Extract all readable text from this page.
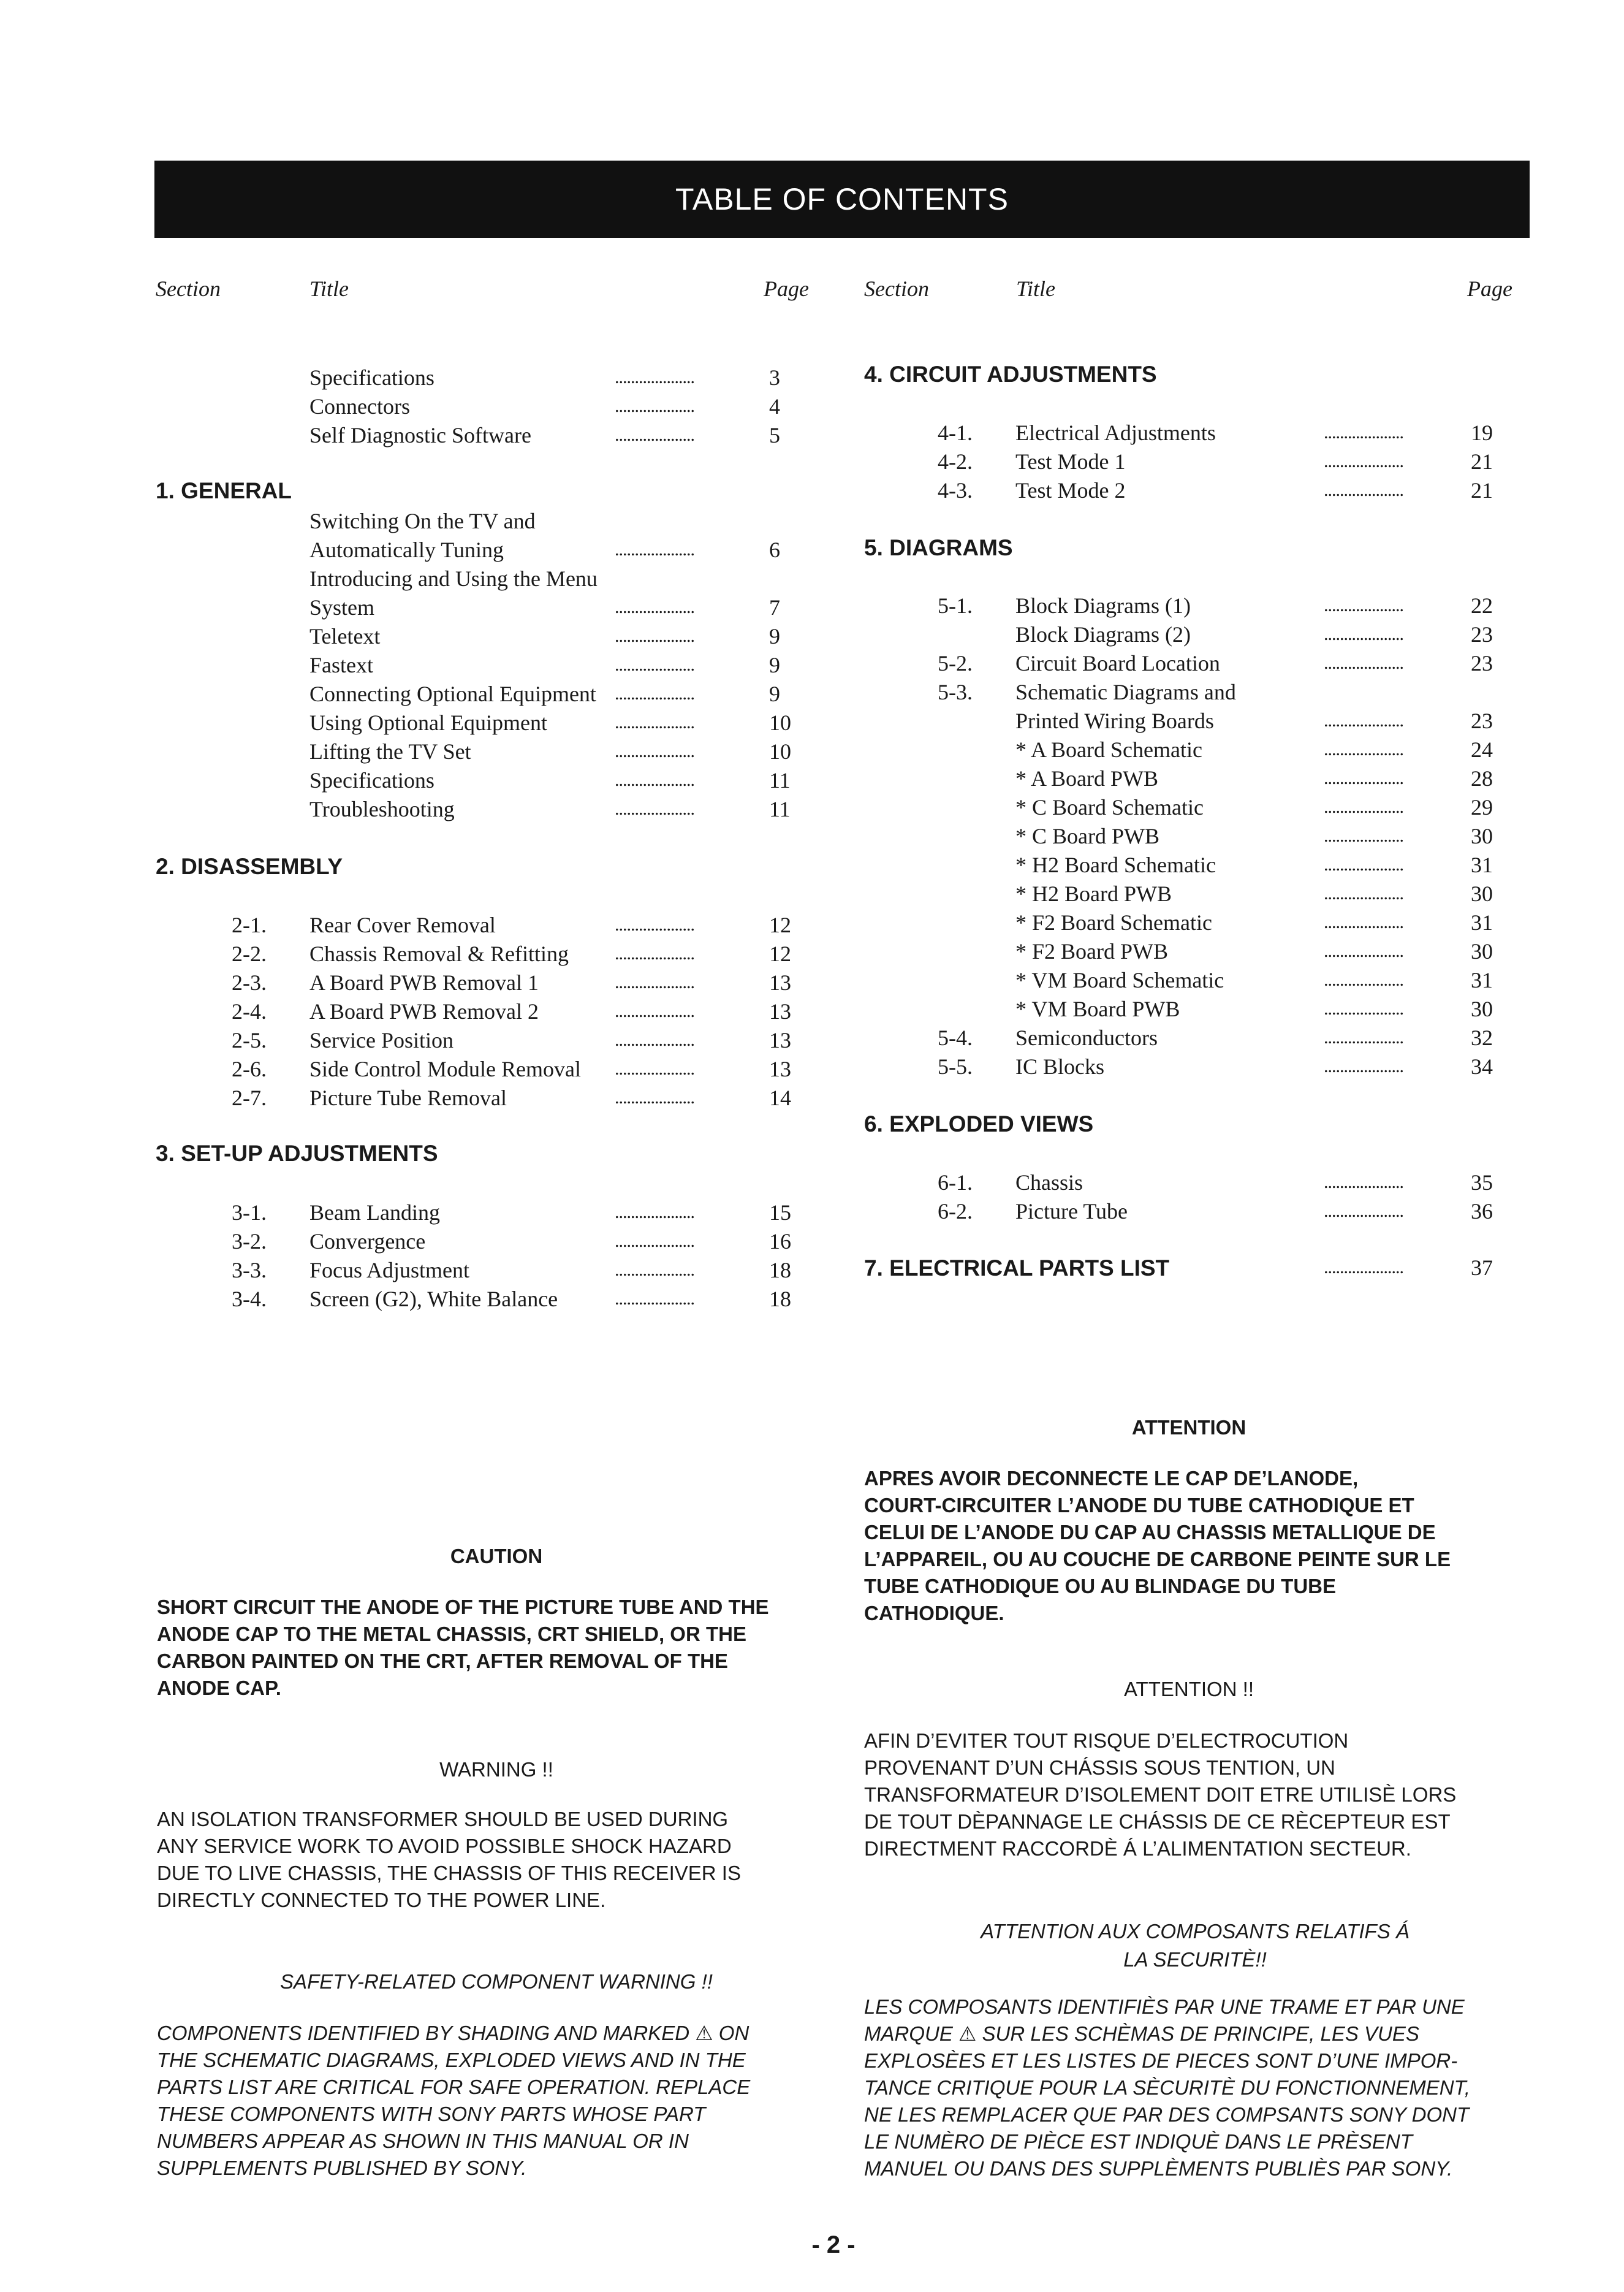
TABLE OF CONTENTS
Section	Title	Page	Section	Title	Page
Specifications	....................	3
Connectors	....................	4
Self Diagnostic Software	....................	5
1. GENERAL
Switching On the TV and
Automatically Tuning	....................	6
Introducing and Using the Menu
System	....................	7
Teletext	....................	9
Fastext	....................	9
Connecting Optional Equipment ....................	9
Using Optional Equipment	....................	10
Lifting the TV Set	....................	10
Specifications	....................	11
Troubleshooting	....................	11
2. DISASSEMBLY
2-1. Rear Cover Removal	....................	12
2-2. Chassis Removal & Refitting	....................	12
2-3. A Board PWB Removal 1	....................	13
2-4. A Board PWB Removal 2	....................	13
2-5. Service Position	....................	13
2-6. Side Control Module Removal ....................	13
2-7. Picture Tube Removal	....................	14
3. SET-UP ADJUSTMENTS
3-1. Beam Landing	....................	15
3-2. Convergence	....................	16
3-3. Focus Adjustment	....................	18
3-4. Screen (G2), White Balance	....................	18
4. CIRCUIT ADJUSTMENTS
4-1. Electrical Adjustments	....................	19
4-2. Test Mode 1	....................	21
4-3. Test Mode 2	....................	21
5. DIAGRAMS
5-1. Block Diagrams (1)	....................	22
Block Diagrams (2)	....................	23
5-2. Circuit Board Location	....................	23
5-3. Schematic Diagrams and
Printed Wiring Boards	....................	23
* A Board Schematic	....................	24
* A Board PWB	....................	28
* C Board Schematic	....................	29
* C Board PWB	....................	30
* H2 Board Schematic	....................	31
* H2 Board PWB	....................	30
* F2 Board Schematic	....................	31
* F2 Board PWB	....................	30
* VM Board Schematic	....................	31
* VM Board PWB	....................	30
5-4. Semiconductors	....................	32
5-5. IC Blocks	....................	34
6. EXPLODED VIEWS
6-1. Chassis	....................	35
6-2. Picture Tube	....................	36
7. ELECTRICAL PARTS LIST	....................	37
CAUTION
SHORT CIRCUIT THE ANODE OF THE PICTURE TUBE AND THE
ANODE CAP TO THE METAL CHASSIS, CRT SHIELD, OR THE
CARBON PAINTED ON THE CRT, AFTER REMOVAL OF THE
ANODE CAP.
WARNING !!
AN ISOLATION TRANSFORMER SHOULD BE USED DURING
ANY SERVICE WORK TO AVOID POSSIBLE SHOCK HAZARD
DUE TO LIVE CHASSIS, THE CHASSIS OF THIS RECEIVER IS
DIRECTLY CONNECTED TO THE POWER LINE.
SAFETY-RELATED COMPONENT WARNING !!
COMPONENTS IDENTIFIED BY SHADING AND MARKED ⚠ ON
THE SCHEMATIC DIAGRAMS, EXPLODED VIEWS AND IN THE
PARTS LIST ARE CRITICAL FOR SAFE OPERATION. REPLACE
THESE COMPONENTS WITH SONY PARTS WHOSE PART
NUMBERS APPEAR AS SHOWN IN THIS MANUAL OR IN
SUPPLEMENTS PUBLISHED BY SONY.
ATTENTION
APRES AVOIR DECONNECTE LE CAP DE’LANODE,
COURT-CIRCUITER L’ANODE DU TUBE CATHODIQUE ET
CELUI DE L’ANODE DU CAP AU CHASSIS METALLIQUE DE
L’APPAREIL, OU AU COUCHE DE CARBONE PEINTE SUR LE
TUBE CATHODIQUE OU AU BLINDAGE DU TUBE
CATHODIQUE.
ATTENTION !!
AFIN D’EVITER TOUT RISQUE D’ELECTROCUTION
PROVENANT D’UN CHÁSSIS SOUS TENTION, UN
TRANSFORMATEUR D’ISOLEMENT DOIT ETRE UTILISÈ LORS
DE TOUT DÈPANNAGE LE CHÁSSIS DE CE RÈCEPTEUR EST
DIRECTMENT RACCORDÈ Á L’ALIMENTATION SECTEUR.
ATTENTION AUX COMPOSANTS RELATIFS Á
LA SECURITÈ!!
LES COMPOSANTS IDENTIFIÈS PAR UNE TRAME ET PAR UNE
MARQUE ⚠ SUR LES SCHÈMAS DE PRINCIPE, LES VUES
EXPLOSÈES ET LES LISTES DE PIECES SONT D’UNE IMPOR-
TANCE CRITIQUE POUR LA SÈCURITÈ DU FONCTIONNEMENT,
NE LES REMPLACER QUE PAR DES COMPSANTS SONY DONT
LE NUMÈRO DE PIÈCE EST INDIQUÈ DANS LE PRÈSENT
MANUEL OU DANS DES SUPPLÈMENTS PUBLIÈS PAR SONY.
- 2 -
